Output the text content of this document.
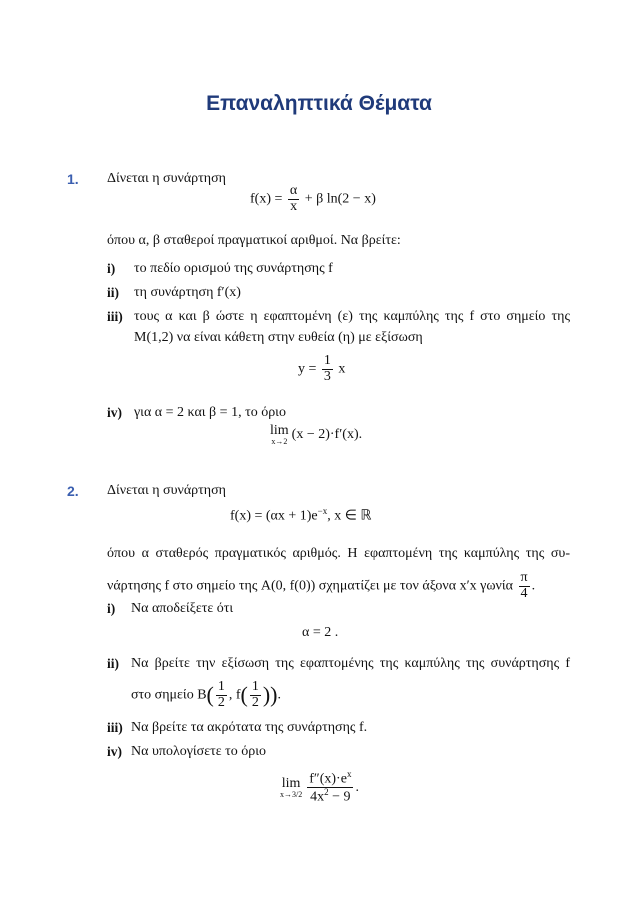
Επαναληπτικά Θέματα
1. Δίνεται η συνάρτηση
$f(x) = \frac{\alpha}{x} + \beta$ ln(2 − x)
όπου α, β σταθεροί πραγματικοί αριθμοί. Να βρείτε:
i) το πεδίο ορισμού της συνάρτησης f
ii) τη συνάρτηση f′(x)
iii) τους α και β ώστε η εφαπτομένη (ε) της καμπύλης της f στο σημείο της
M(1,2) να είναι κάθετη στην ευθεία (η) με εξίσωση
$y = \frac{1}{3}$ x
iv) για α = 2 και β = 1, το όριο
lim
x→2 (x − 2)·f′(x).
2. Δίνεται η συνάρτηση
$f(x) = (\alpha x + 1)e^{-x}$, x ∈ ℝ
όπου α σταθερός πραγματικός αριθμός. Η εφαπτομένη της καμπύλης της συ-
νάρτησης f στο σημείο της A(0, f(0)) σχηματίζει με τον άξονα x′x γωνία $\frac{\pi}{4}$ .
i) Να αποδείξετε ότι
α = 2 .
ii) Να βρείτε την εξίσωση της εφαπτομένης της καμπύλης της συνάρτησης f
στο σημείο $B( \frac{1}{2}$ , $f( \frac{1}{2}$ )).
iii) Να βρείτε τα ακρότατα της συνάρτησης f.
iv) Να υπολογίσετε το όριο
lim
$x\to 3/2 \frac{f''(x)\cdot e^x}{4x^2 - 9}$ .
